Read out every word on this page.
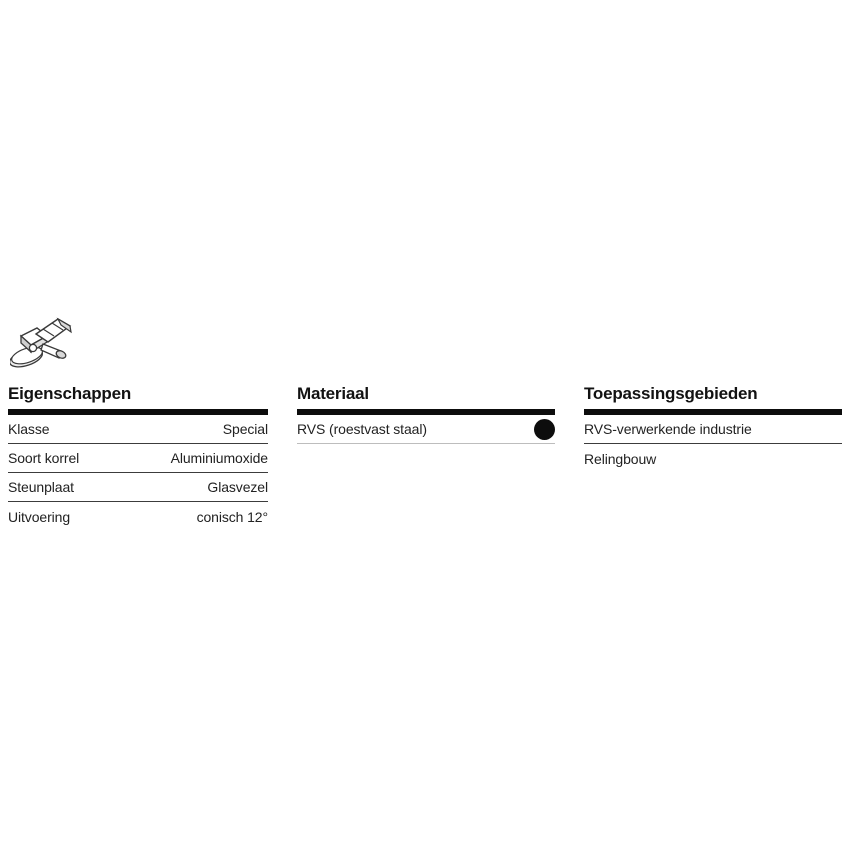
Eigenschappen
Klasse	Special
Soort korrel	Aluminiumoxide
Steunplaat	Glasvezel
Uitvoering	conisch 12°
Materiaal
RVS (roestvast staal)
Toepassingsgebieden
RVS-verwerkende industrie
Relingbouw
